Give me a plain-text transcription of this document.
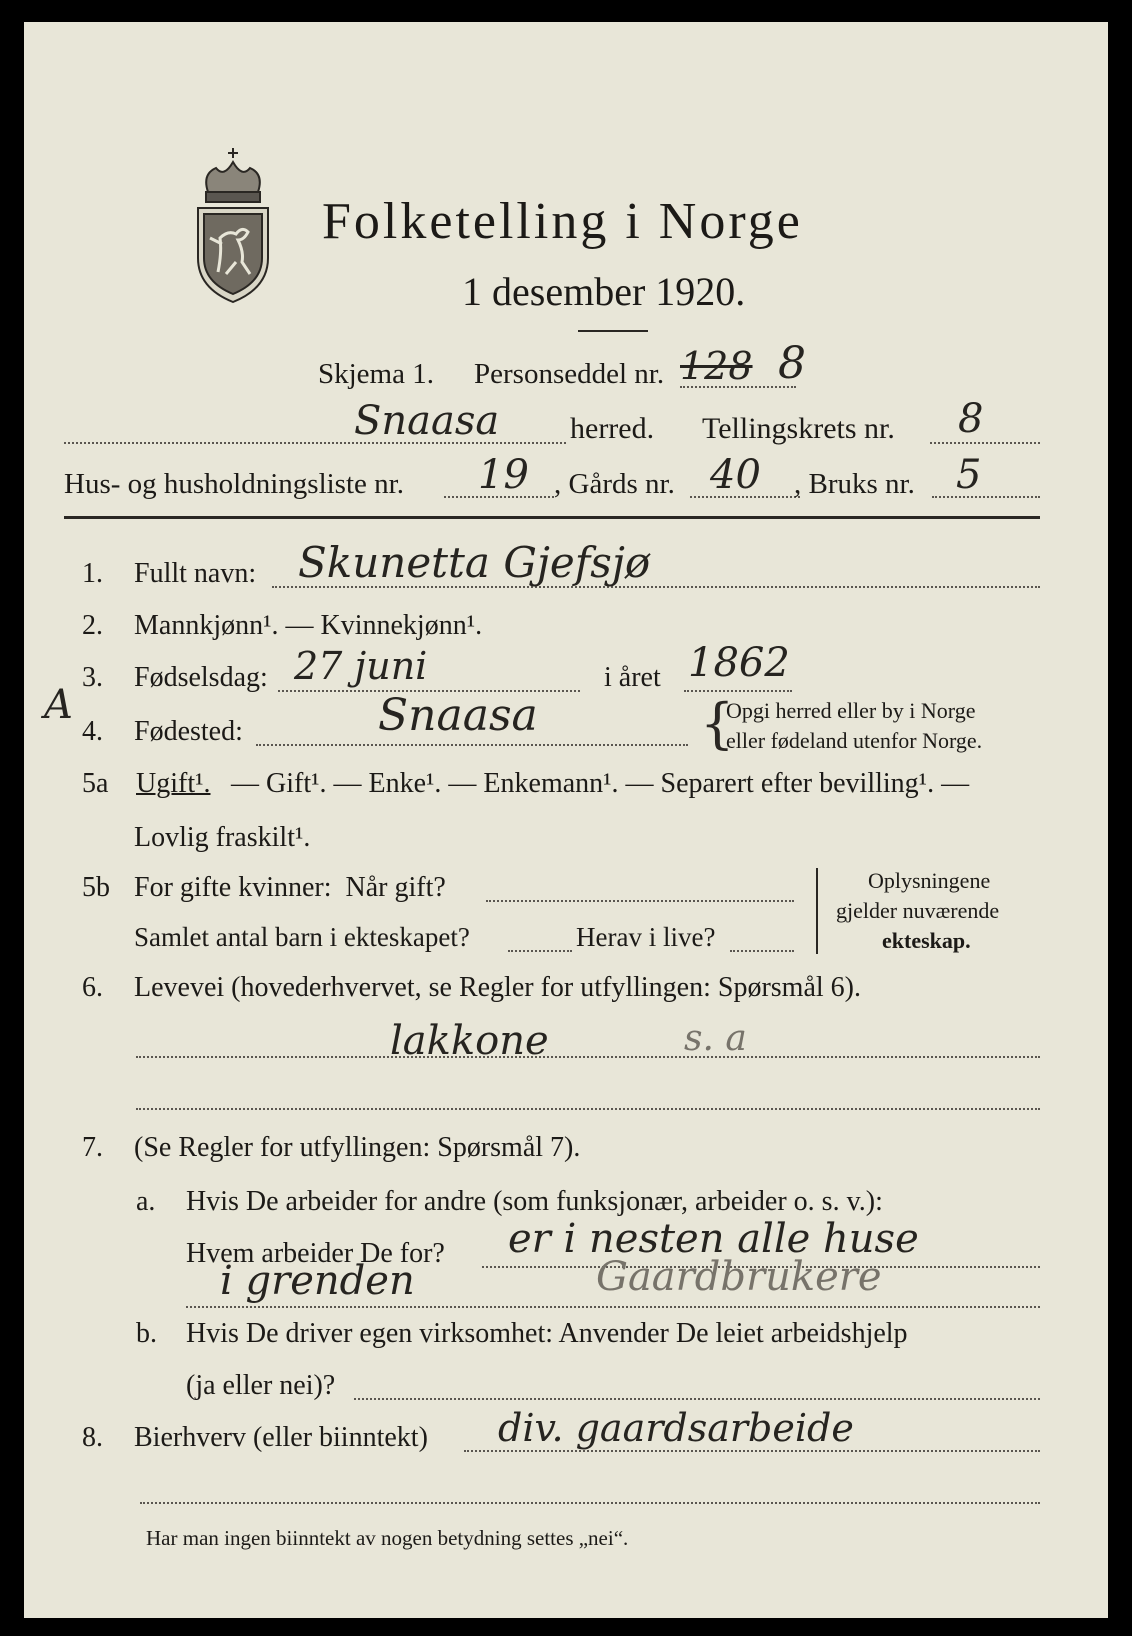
Folketelling i Norge
1 desember 1920.
Skjema 1. Personseddel nr. 128 8
Snaasa herred. Tellingskrets nr. 8
Hus- og husholdningsliste nr. 19 , Gårds nr. 40 , Bruks nr. 5
1. Fullt navn: Skunetta Gjefsjø
2. Mannkjønn¹. — Kvinnekjønn¹.
3. Fødselsdag: 27 juni	i året 1862
A
4. Fødested:	Snaasa	{
Opgi herred eller by i Norge
eller fødeland utenfor Norge.
5a Ugift¹. — Gift¹. — Enke¹. — Enkemann¹. — Separert efter bevilling¹. —
Lovlig fraskilt¹.
5b For gifte kvinner:  Når gift?
Samlet antal barn i ekteskapet?	Herav i live?
Oplysningene
gjelder nuværende
ekteskap.
6. Levevei (hovederhvervet, se Regler for utfyllingen: Spørsmål 6).
lakkone	s. a
7. (Se Regler for utfyllingen: Spørsmål 7).
a. Hvis De arbeider for andre (som funksjonær, arbeider o. s. v.):
Hvem arbeider De for? er i nesten alle huse
i grenden	Gaardbrukere
b. Hvis De driver egen virksomhet: Anvender De leiet arbeidshjelp
(ja eller nei)?
8. Bierhverv (eller biinntekt) div. gaardsarbeide
Har man ingen biinntekt av nogen betydning settes „nei“.
